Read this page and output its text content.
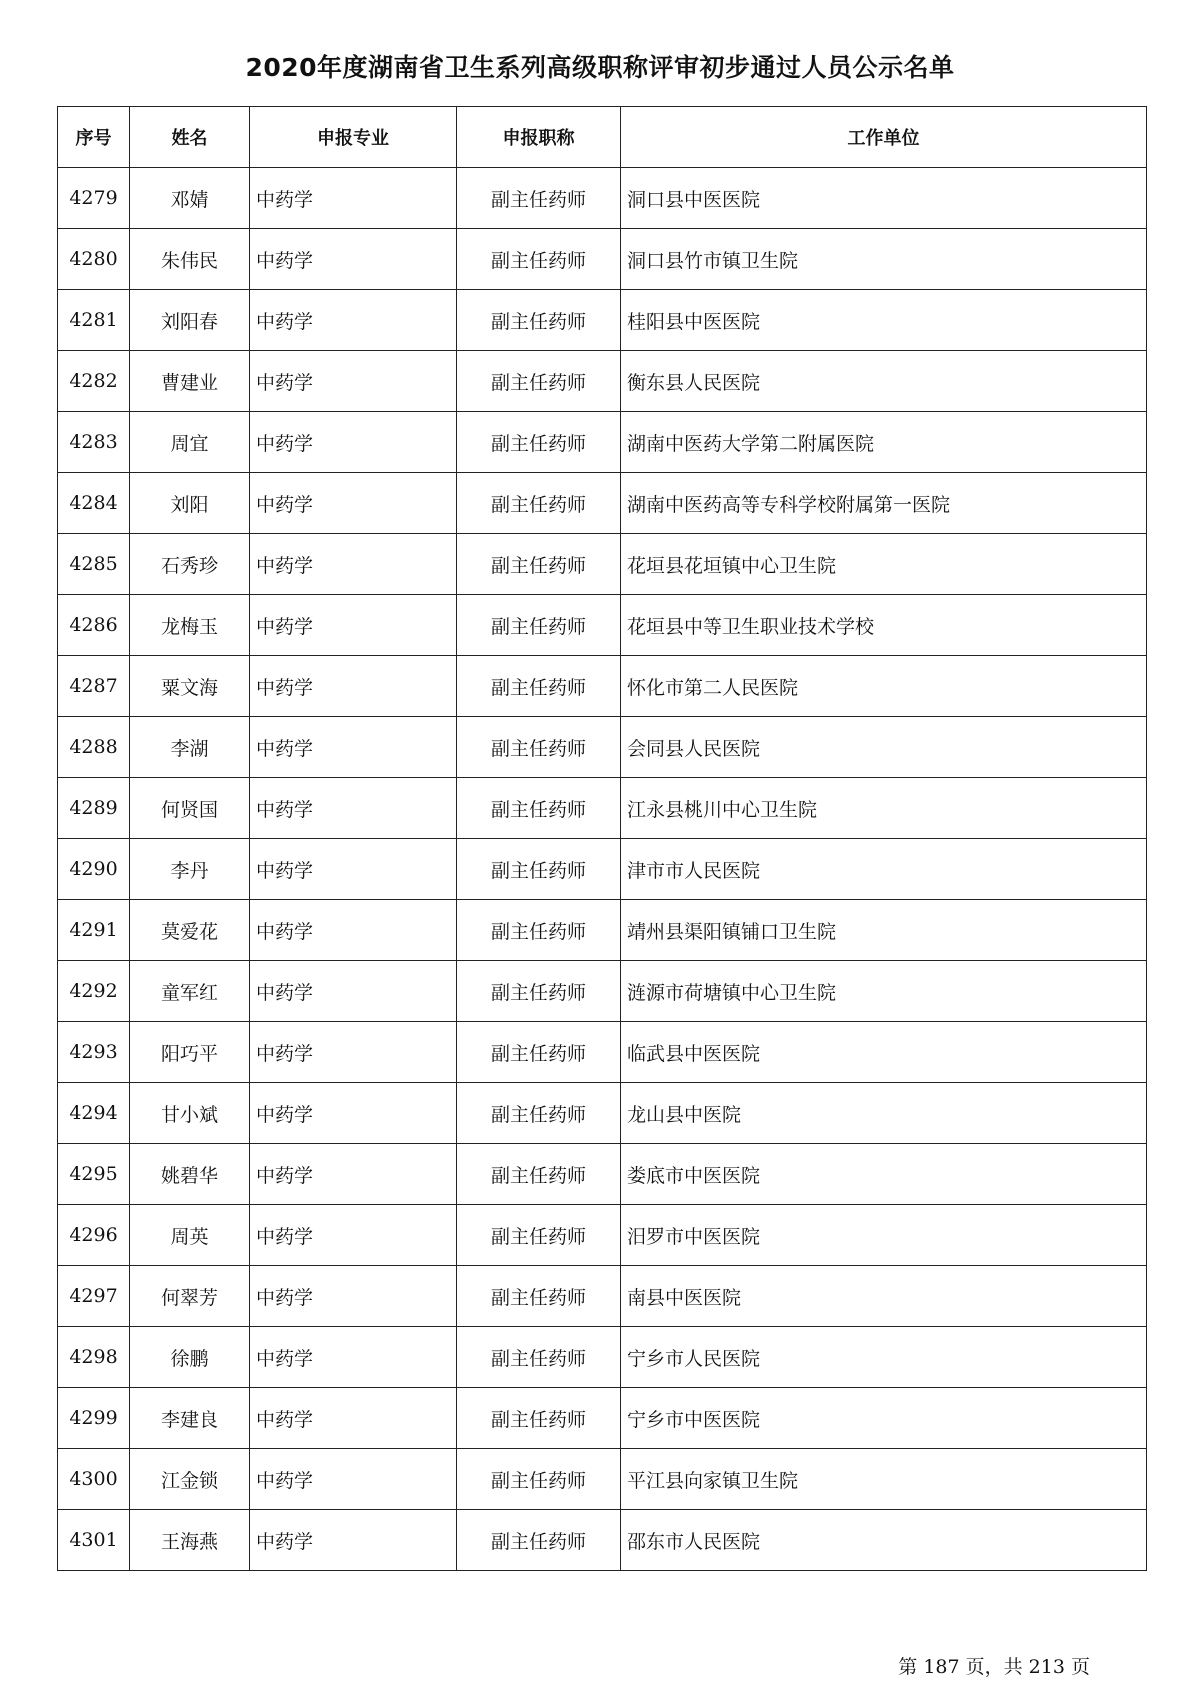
2020年度湖南省卫生系列高级职称评审初步通过人员公示名单
序号	姓名	申报专业	申报职称	工作单位
4279	邓婧	中药学	副主任药师	洞口县中医医院
4280	朱伟民	中药学	副主任药师	洞口县竹市镇卫生院
4281	刘阳春	中药学	副主任药师	桂阳县中医医院
4282	曹建业	中药学	副主任药师	衡东县人民医院
4283	周宜	中药学	副主任药师	湖南中医药大学第二附属医院
4284	刘阳	中药学	副主任药师	湖南中医药高等专科学校附属第一医院
4285	石秀珍	中药学	副主任药师	花垣县花垣镇中心卫生院
4286	龙梅玉	中药学	副主任药师	花垣县中等卫生职业技术学校
4287	粟文海	中药学	副主任药师	怀化市第二人民医院
4288	李湖	中药学	副主任药师	会同县人民医院
4289	何贤国	中药学	副主任药师	江永县桃川中心卫生院
4290	李丹	中药学	副主任药师	津市市人民医院
4291	莫爱花	中药学	副主任药师	靖州县渠阳镇铺口卫生院
4292	童军红	中药学	副主任药师	涟源市荷塘镇中心卫生院
4293	阳巧平	中药学	副主任药师	临武县中医医院
4294	甘小斌	中药学	副主任药师	龙山县中医院
4295	姚碧华	中药学	副主任药师	娄底市中医医院
4296	周英	中药学	副主任药师	汨罗市中医医院
4297	何翠芳	中药学	副主任药师	南县中医医院
4298	徐鹏	中药学	副主任药师	宁乡市人民医院
4299	李建良	中药学	副主任药师	宁乡市中医医院
4300	江金锁	中药学	副主任药师	平江县向家镇卫生院
4301	王海燕	中药学	副主任药师	邵东市人民医院
第 187 页，共 213 页
